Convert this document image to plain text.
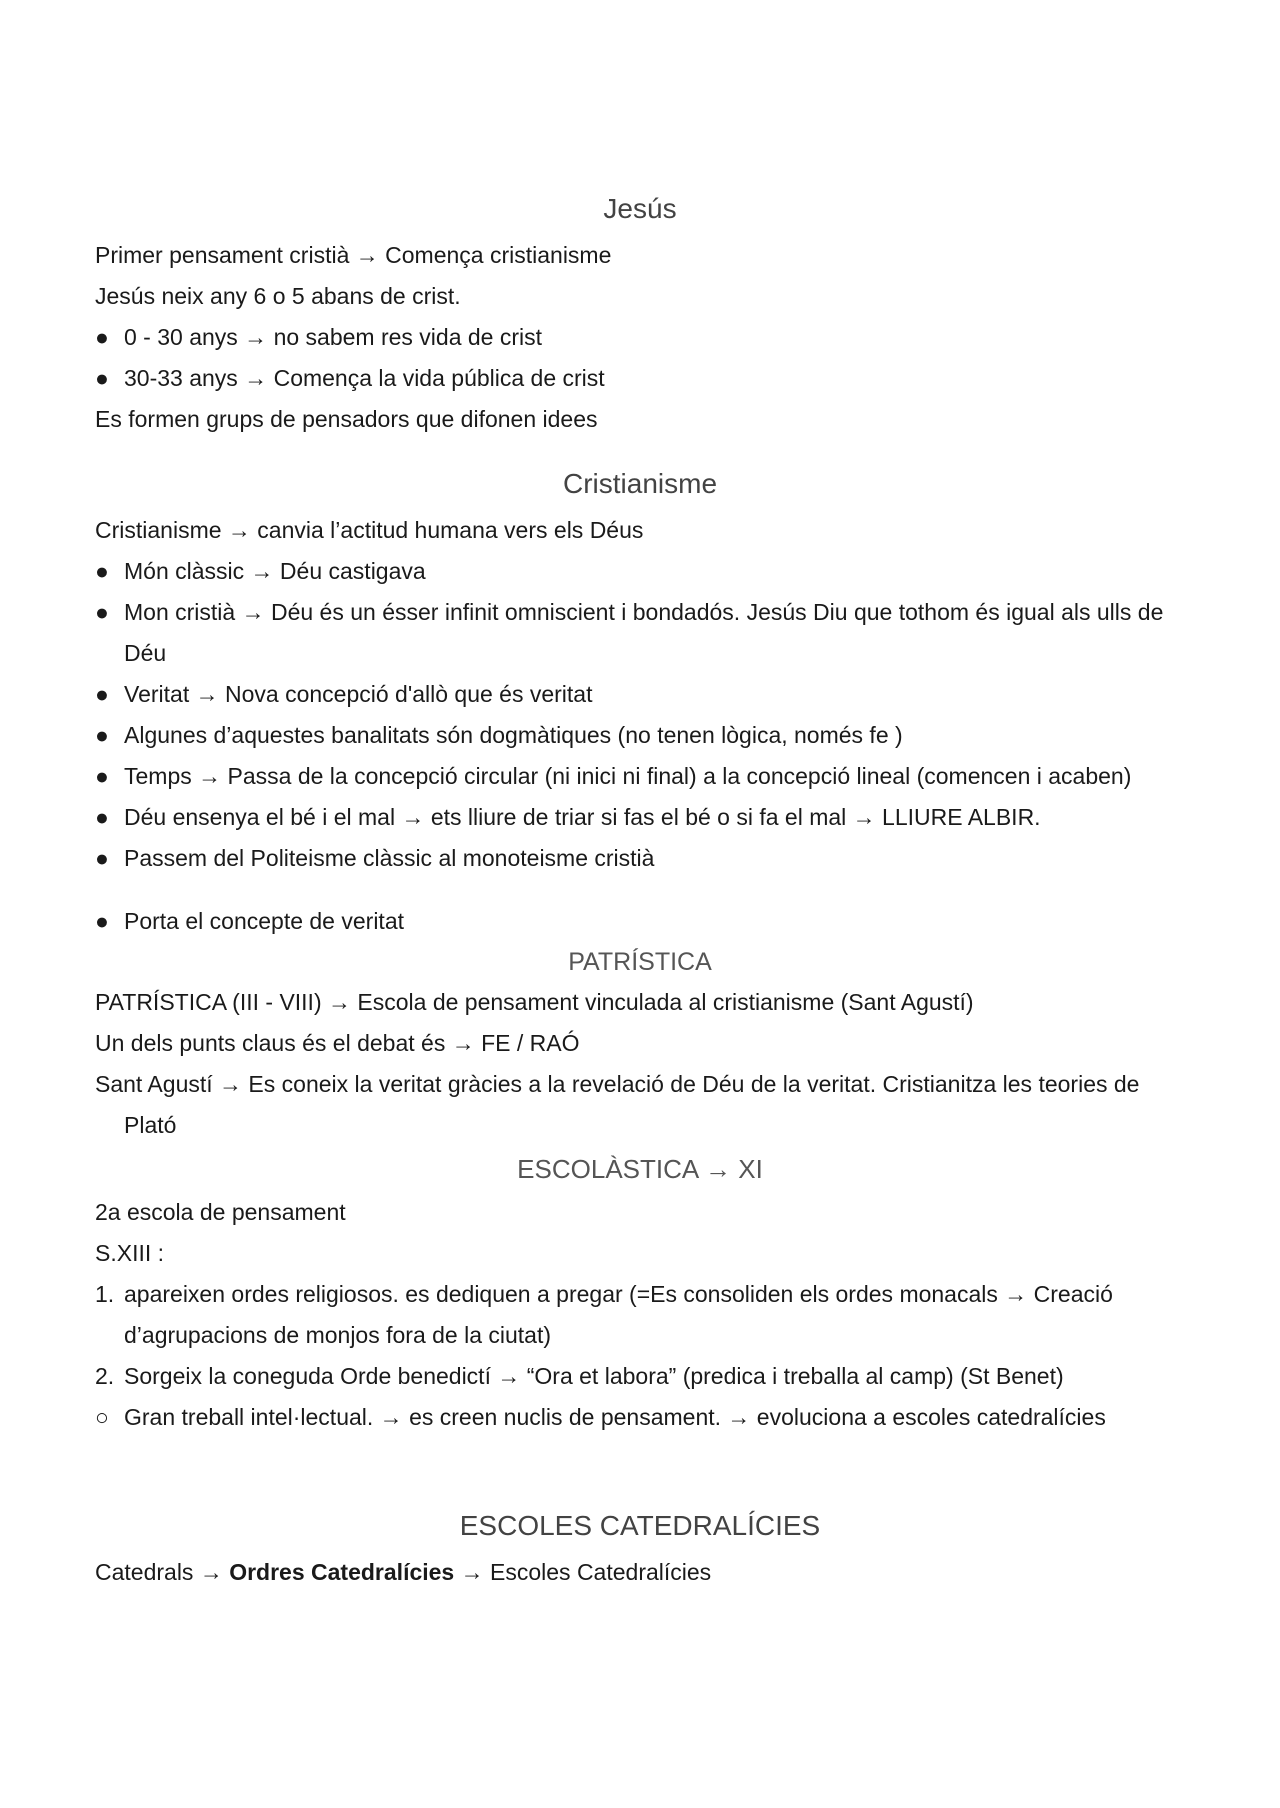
Jesús
Primer pensament cristià → Comença cristianisme
Jesús neix any 6 o 5 abans de crist.
● 0 - 30 anys → no sabem res vida de crist
● 30-33 anys → Comença la vida pública de crist
Es formen grups de pensadors que difonen idees
Cristianisme
Cristianisme → canvia l’actitud humana vers els Déus
● Món clàssic → Déu castigava
● Mon cristià → Déu és un ésser infinit omniscient i bondadós. Jesús Diu que tothom és igual als ulls de Déu
● Veritat → Nova concepció d'allò que és veritat
● Algunes d’aquestes banalitats són dogmàtiques (no tenen lògica, només fe )
● Temps → Passa de la concepció circular (ni inici ni final) a la concepció lineal (comencen i acaben)
● Déu ensenya el bé i el mal → ets lliure de triar si fas el bé o si fa el mal → LLIURE ALBIR.
● Passem del Politeisme clàssic al monoteisme cristià
● Porta el concepte de veritat
PATRÍSTICA
PATRÍSTICA (III - VIII) → Escola de pensament vinculada al cristianisme (Sant Agustí)
Un dels punts claus és el debat és → FE / RAÓ
Sant Agustí → Es coneix la veritat gràcies a la revelació de Déu de la veritat. Cristianitza les teories de Plató
ESCOLÀSTICA → XI
2a escola de pensament
S.XIII :
1. apareixen ordes religiosos. es dediquen a pregar (=Es consoliden els ordes monacals → Creació d’agrupacions de monjos fora de la ciutat)
2. Sorgeix la coneguda Orde benedictí → “Ora et labora” (predica i treballa al camp) (St Benet)
○ Gran treball intel·lectual. → es creen nuclis de pensament. → evoluciona a escoles catedralícies
ESCOLES CATEDRALÍCIES
Catedrals → Ordres Catedralícies → Escoles Catedralícies
